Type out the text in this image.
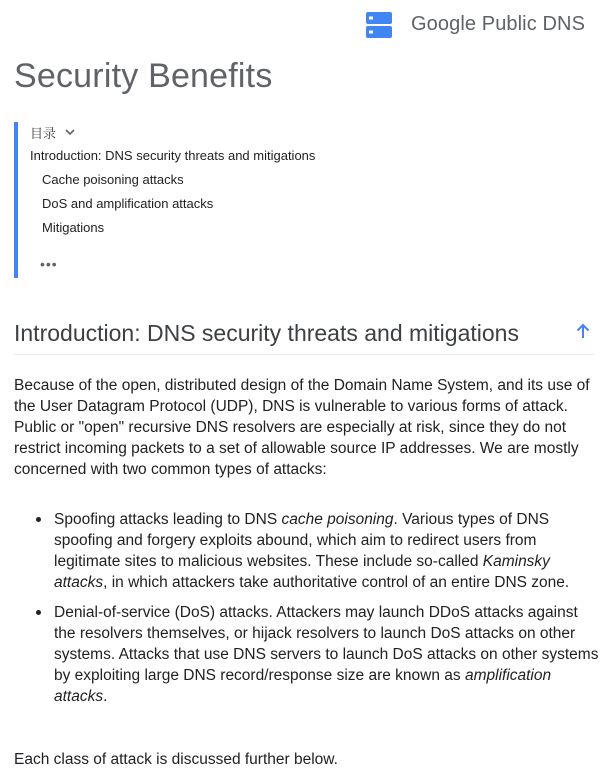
Google Public DNS
Security Benefits
目录
Introduction: DNS security threats and mitigations
Cache poisoning attacks
DoS and amplification attacks
Mitigations
•••
Introduction: DNS security threats and mitigations

Because of the open, distributed design of the Domain Name System, and its use of the User Datagram Protocol (UDP), DNS is vulnerable to various forms of attack. Public or "open" recursive DNS resolvers are especially at risk, since they do not restrict incoming packets to a set of allowable source IP addresses. We are mostly concerned with two common types of attacks:

Spoofing attacks leading to DNS cache poisoning. Various types of DNS spoofing and forgery exploits abound, which aim to redirect users from legitimate sites to malicious websites. These include so-called Kaminsky attacks, in which attackers take authoritative control of an entire DNS zone.
Denial-of-service (DoS) attacks. Attackers may launch DDoS attacks against the resolvers themselves, or hijack resolvers to launch DoS attacks on other systems. Attacks that use DNS servers to launch DoS attacks on other systems by exploiting large DNS record/response size are known as amplification attacks.

Each class of attack is discussed further below.
